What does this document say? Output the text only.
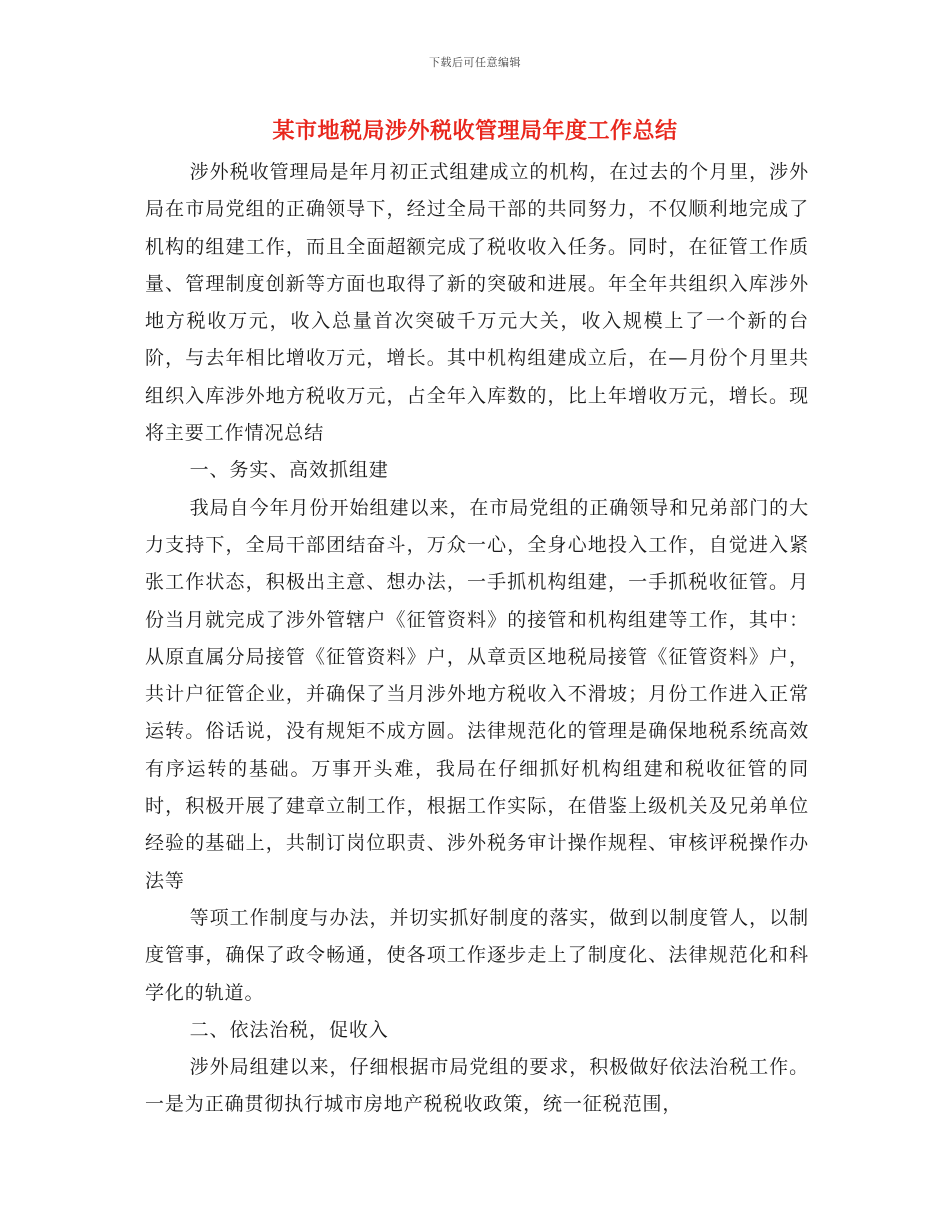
下载后可任意编辑
某市地税局涉外税收管理局年度工作总结

涉外税收管理局是年月初正式组建成立的机构，在过去的个月里，涉外局在市局党组的正确领导下，经过全局干部的共同努力，不仅顺利地完成了机构的组建工作，而且全面超额完成了税收收入任务。同时，在征管工作质量、管理制度创新等方面也取得了新的突破和进展。年全年共组织入库涉外地方税收万元，收入总量首次突破千万元大关，收入规模上了一个新的台阶，与去年相比增收万元，增长。其中机构组建成立后，在—月份个月里共组织入库涉外地方税收万元，占全年入库数的，比上年增收万元，增长。现将主要工作情况总结

一、务实、高效抓组建

我局自今年月份开始组建以来，在市局党组的正确领导和兄弟部门的大力支持下，全局干部团结奋斗，万众一心，全身心地投入工作，自觉进入紧张工作状态，积极出主意、想办法，一手抓机构组建，一手抓税收征管。月份当月就完成了涉外管辖户《征管资料》的接管和机构组建等工作，其中：从原直属分局接管《征管资料》户，从章贡区地税局接管《征管资料》户，共计户征管企业，并确保了当月涉外地方税收入不滑坡；月份工作进入正常运转。俗话说，没有规矩不成方圆。法律规范化的管理是确保地税系统高效有序运转的基础。万事开头难，我局在仔细抓好机构组建和税收征管的同时，积极开展了建章立制工作，根据工作实际，在借鉴上级机关及兄弟单位经验的基础上，共制订岗位职责、涉外税务审计操作规程、审核评税操作办法等

等项工作制度与办法，并切实抓好制度的落实，做到以制度管人，以制度管事，确保了政令畅通，使各项工作逐步走上了制度化、法律规范化和科学化的轨道。

二、依法治税，促收入

涉外局组建以来，仔细根据市局党组的要求，积极做好依法治税工作。一是为正确贯彻执行城市房地产税税收政策，统一征税范围，
